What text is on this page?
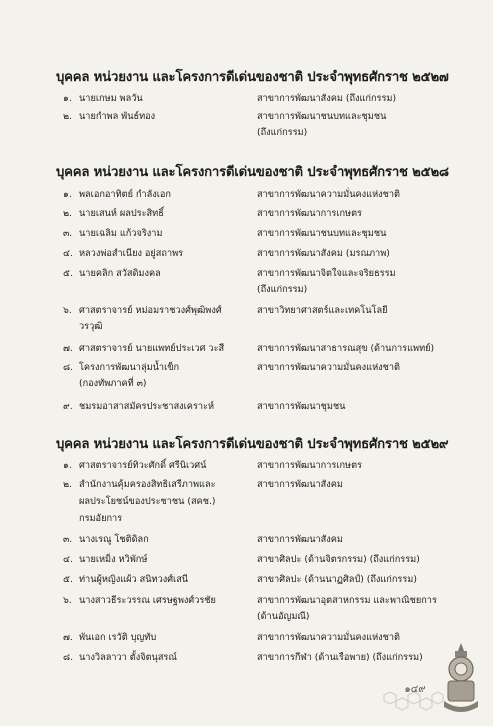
บุคคล หน่วยงาน และโครงการดีเด่นของชาติ ประจำพุทธศักราช ๒๕๒๗
๑. นายเกษม พลวัน	สาขาการพัฒนาสังคม (ถึงแก่กรรม)
๒. นายกำพล พันธ์ทอง	สาขาการพัฒนาชนบทและชุมชน
(ถึงแก่กรรม)
บุคคล หน่วยงาน และโครงการดีเด่นของชาติ ประจำพุทธศักราช ๒๕๒๘
๑. พลเอกอาทิตย์ กำลังเอก	สาขาการพัฒนาความมั่นคงแห่งชาติ
๒. นายเสนห์ ผลประสิทธิ์	สาขาการพัฒนาการเกษตร
๓. นายเฉลิม แก้วจริงาม	สาขาการพัฒนาชนบทและชุมชน
๔. หลวงพ่อสำเนียง อยู่สถาพร	สาขาการพัฒนาสังคม (มรณภาพ)
๕. นายคลิก สวัสดิมงคล	สาขาการพัฒนาจิตใจและจริยธรรม
(ถึงแก่กรรม)
๖. ศาสตราจารย์ หม่อมราชวงศ์พุฒิพงศ์	สาขาวิทยาศาสตร์และเทคโนโลยี
วรวุฒิ
๗. ศาสตราจารย์ นายแพทย์ประเวศ วะสี	สาขาการพัฒนาสาธารณสุข (ด้านการแพทย์)
๘. โครงการพัฒนาลุ่มน้ำเข็ก	สาขาการพัฒนาความมั่นคงแห่งชาติ
(กองทัพภาคที่ ๓)
๙. ชมรมอาสาสมัครประชาสงเคราะห์	สาขาการพัฒนาชุมชน
บุคคล หน่วยงาน และโครงการดีเด่นของชาติ ประจำพุทธศักราช ๒๕๒๙
๑. ศาสตราจารย์ทิวะศักดิ์ ศรีนิเวศน์	สาขาการพัฒนาการเกษตร
๒. สำนักงานคุ้มครองสิทธิเสรีภาพและ	สาขาการพัฒนาสังคม
ผลประโยชน์ของประชาชน (สคช.)
กรมอัยการ
๓. นางเรณู โชติดิลก	สาขาการพัฒนาสังคม
๔. นายเหม็ง หวิพักษ์	สาขาศิลปะ (ด้านจิตรกรรม) (ถึงแก่กรรม)
๕. ท่านผู้หญิงแผ้ว สนิทวงศ์เสนี	สาขาศิลปะ (ด้านนาฏศิลป์) (ถึงแก่กรรม)
๖. นางสาวธีระวรรณ เศรษฐพงศ์วรชัย	สาขาการพัฒนาอุตสาหกรรม และพาณิชยการ
(ด้านอัญมณี)
๗. พันเอก เรวัติ บุญทับ	สาขาการพัฒนาความมั่นคงแห่งชาติ
๘. นางวิลลาวา ตั้งจิตนุสรณ์	สาขาการกีฬา (ด้านเรือพาย) (ถึงแก่กรรม)
๑๔๙
